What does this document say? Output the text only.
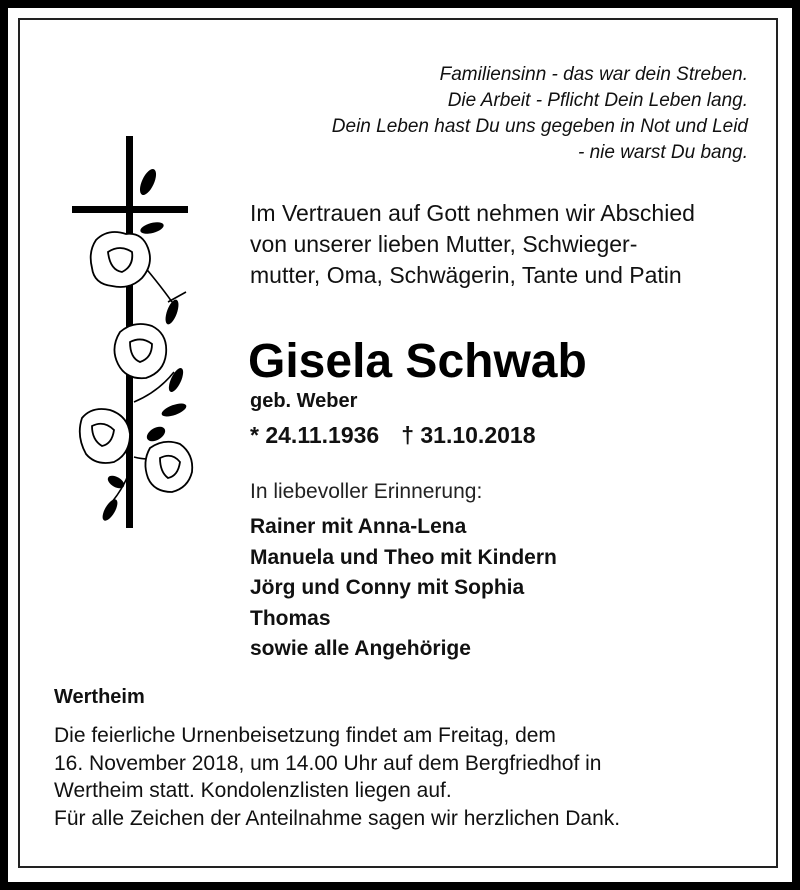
Familiensinn - das war dein Streben.
Die Arbeit - Pflicht Dein Leben lang.
Dein Leben hast Du uns gegeben in Not und Leid
- nie warst Du bang.
Im Vertrauen auf Gott nehmen wir Abschied
von unserer lieben Mutter, Schwieger-
mutter, Oma, Schwägerin, Tante und Patin
Gisela Schwab
geb. Weber
* 24.11.1936 † 31.10.2018
In liebevoller Erinnerung:
Rainer mit Anna-Lena
Manuela und Theo mit Kindern
Jörg und Conny mit Sophia
Thomas
sowie alle Angehörige
Wertheim
Die feierliche Urnenbeisetzung findet am Freitag, dem
16. November 2018, um 14.00 Uhr auf dem Bergfriedhof in
Wertheim statt. Kondolenzlisten liegen auf.
Für alle Zeichen der Anteilnahme sagen wir herzlichen Dank.
